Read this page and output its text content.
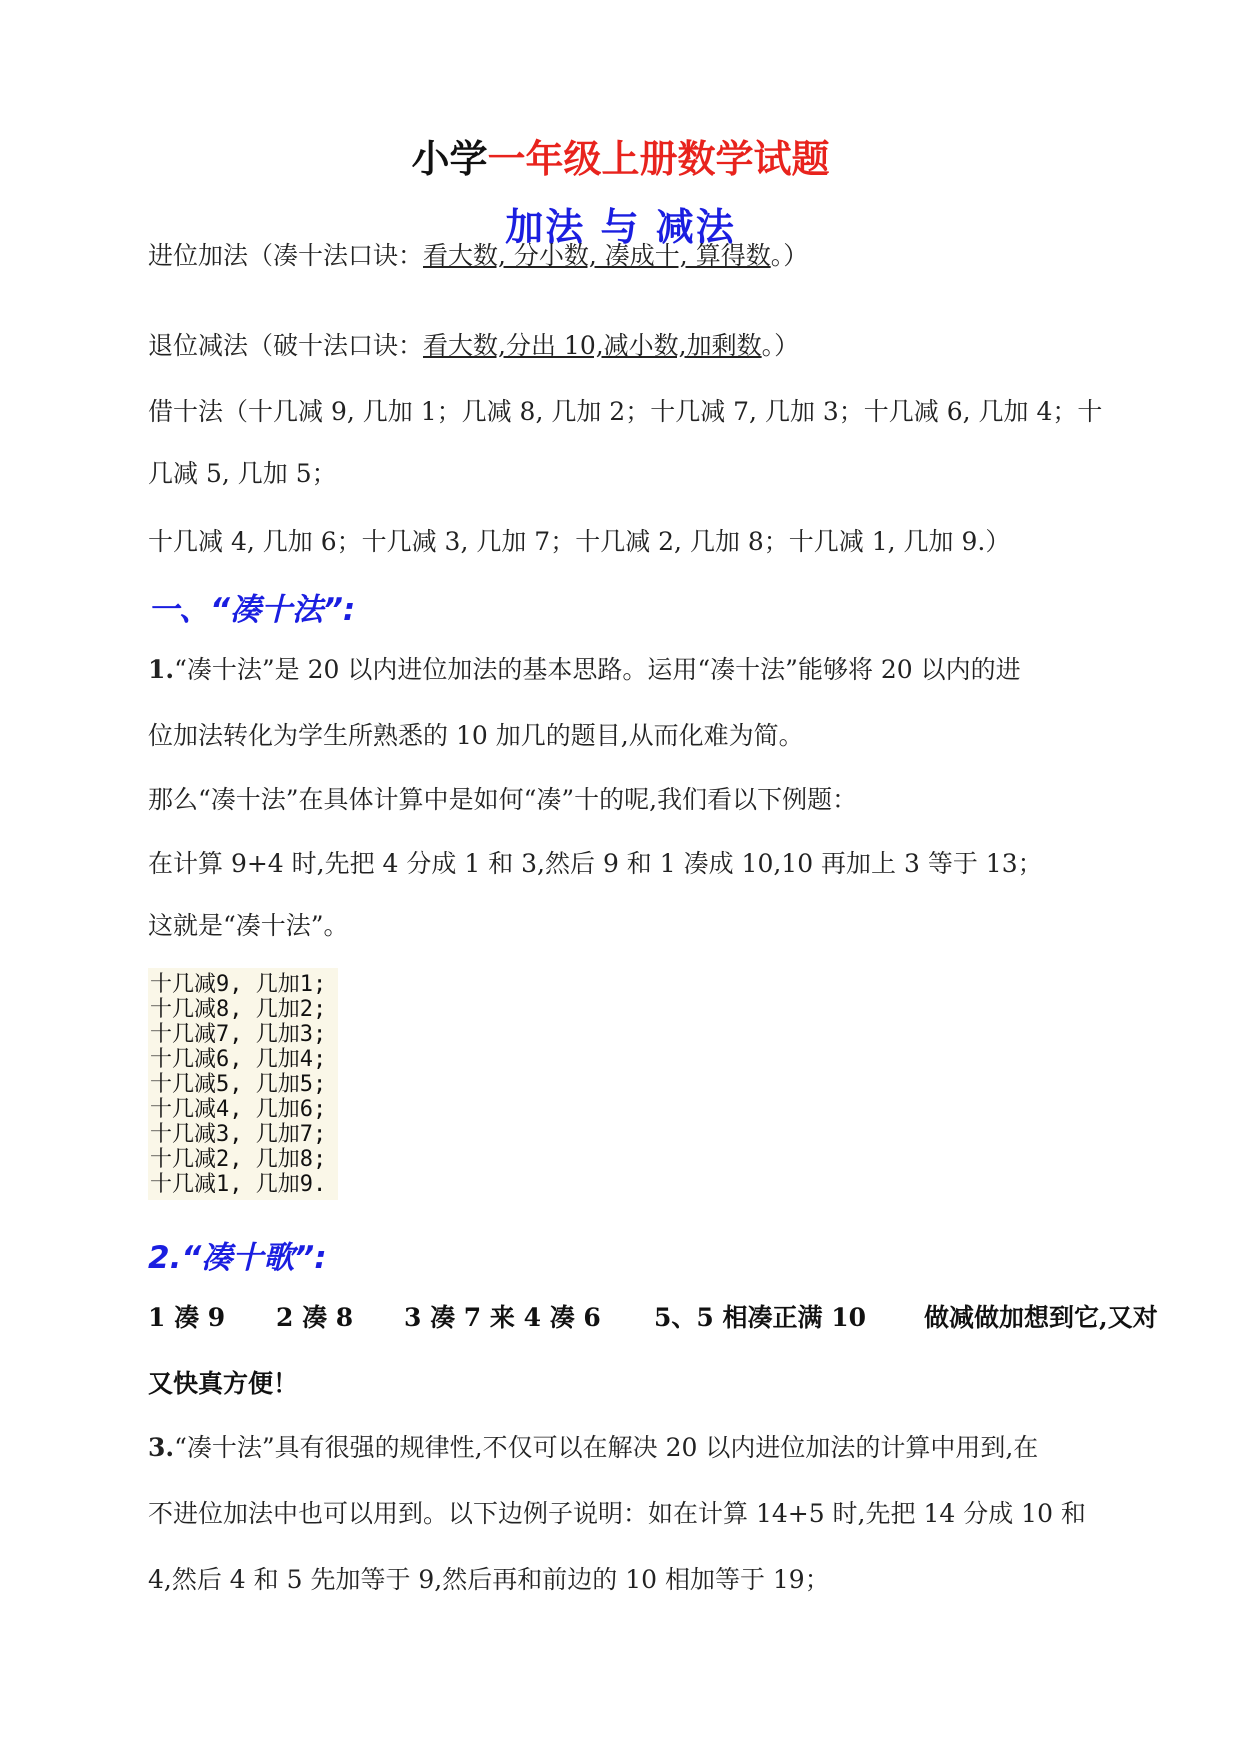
小学一年级上册数学试题
加法 与 减法
进位加法（凑十法口诀：看大数, 分小数, 凑成十, 算得数。）
退位减法（破十法口诀：看大数,分出 10,减小数,加剩数。）
借十法（十几减 9, 几加 1；几减 8, 几加 2；十几减 7, 几加 3；十几减 6, 几加 4；十
几减 5, 几加 5；
十几减 4, 几加 6；十几减 3, 几加 7；十几减 2, 几加 8；十几减 1, 几加 9.）
一、“凑十法”:
1.“凑十法”是 20 以内进位加法的基本思路。运用“凑十法”能够将 20 以内的进
位加法转化为学生所熟悉的 10 加几的题目,从而化难为简。
那么“凑十法”在具体计算中是如何“凑”十的呢,我们看以下例题：
在计算 9+4 时,先把 4 分成 1 和 3,然后 9 和 1 凑成 10,10 再加上 3 等于 13；
这就是“凑十法”。
十几减9, 几加1;
十几减8, 几加2;
十几减7, 几加3;
十几减6, 几加4;
十几减5, 几加5;
十几减4, 几加6;
十几减3, 几加7;
十几减2, 几加8;
十几减1, 几加9.
2.“凑十歌”:
1 凑 9 2 凑 8 3 凑 7 来 4 凑 6 5、5 相凑正满 10 做减做加想到它,又对
又快真方便！
3.“凑十法”具有很强的规律性,不仅可以在解决 20 以内进位加法的计算中用到,在
不进位加法中也可以用到。以下边例子说明：如在计算 14+5 时,先把 14 分成 10 和
4,然后 4 和 5 先加等于 9,然后再和前边的 10 相加等于 19；
